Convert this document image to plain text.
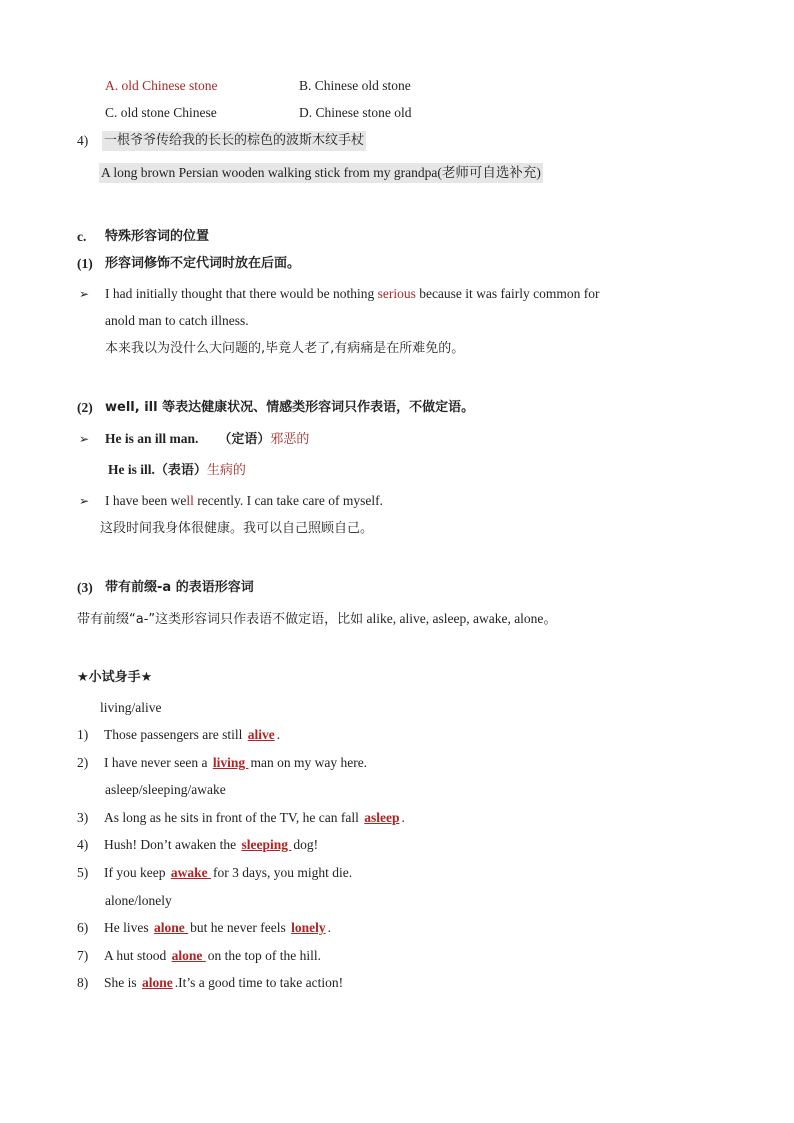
A. old Chinese stone	B. Chinese old stone
C. old stone Chinese	D. Chinese stone old
4) 一根爷爷传给我的长长的棕色的波斯木纹手杖
A long brown Persian wooden walking stick from my grandpa(老师可自选补充)
c. 特殊形容词的位置
(1) 形容词修饰不定代词时放在后面。
➢ I had initially thought that there would be nothing serious because it was fairly common for
anold man to catch illness.
本来我以为没什么大问题的,毕竟人老了,有病痛是在所难免的。
(2) well, ill 等表达健康状况、情感类形容词只作表语，不做定语。
➢ He is an ill man. （定语）邪恶的
He is ill.（表语）生病的
➢ I have been well recently. I can take care of myself.
这段时间我身体很健康。我可以自己照顾自己。
(3) 带有前缀-a 的表语形容词
带有前缀“a-”这类形容词只作表语不做定语，比如 alike, alive, asleep, awake, alone。
★小试身手★
living/alive
1) Those passengers are still alive .
2) I have never seen a living man on my way here.
asleep/sleeping/awake
3) As long as he sits in front of the TV, he can fall asleep .
4) Hush! Don’t awaken the sleeping dog!
5) If you keep awake for 3 days, you might die.
alone/lonely
6) He lives alone but he never feels lonely .
7) A hut stood alone on the top of the hill.
8) She is alone .It’s a good time to take action!
